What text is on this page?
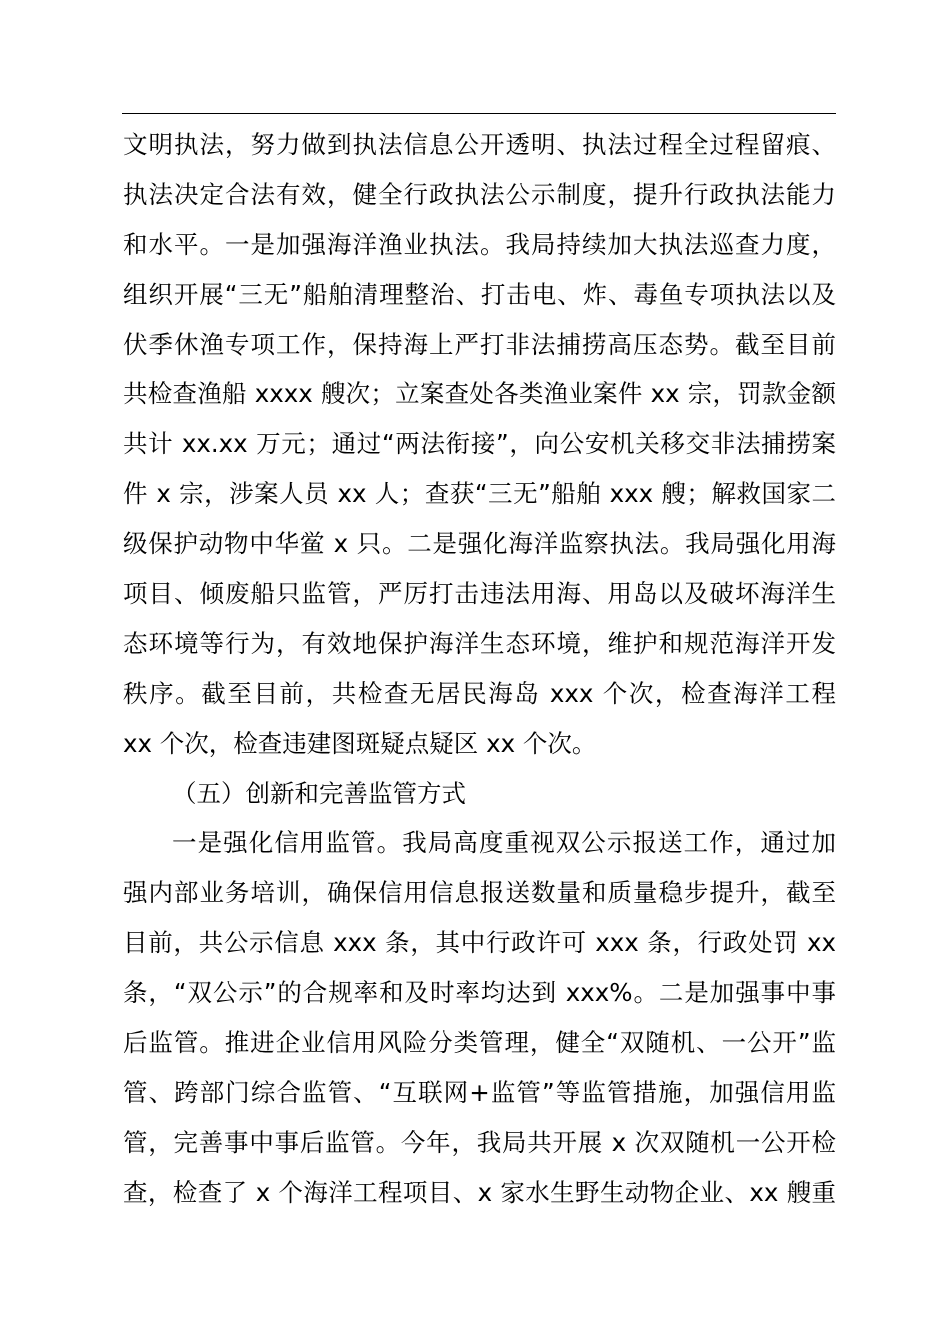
文明执法，努力做到执法信息公开透明、执法过程全过程留痕、
执法决定合法有效，健全行政执法公示制度，提升行政执法能力
和水平。一是加强海洋渔业执法。我局持续加大执法巡查力度，
组织开展“三无”船舶清理整治、打击电、炸、毒鱼专项执法以及
伏季休渔专项工作，保持海上严打非法捕捞高压态势。截至目前
共检查渔船 xxxx 艘次；立案查处各类渔业案件 xx 宗，罚款金额
共计 xx.xx 万元；通过“两法衔接”，向公安机关移交非法捕捞案
件 x 宗，涉案人员 xx 人；查获“三无”船舶 xxx 艘；解救国家二
级保护动物中华鲎 x 只。二是强化海洋监察执法。我局强化用海
项目、倾废船只监管，严厉打击违法用海、用岛以及破坏海洋生
态环境等行为，有效地保护海洋生态环境，维护和规范海洋开发
秩序。截至目前，共检查无居民海岛 xxx 个次，检查海洋工程
xx 个次，检查违建图斑疑点疑区 xx 个次。
（五）创新和完善监管方式
一是强化信用监管。我局高度重视双公示报送工作，通过加
强内部业务培训，确保信用信息报送数量和质量稳步提升，截至
目前，共公示信息 xxx 条，其中行政许可 xxx 条，行政处罚 xx
条，“双公示”的合规率和及时率均达到 xxx%。二是加强事中事
后监管。推进企业信用风险分类管理，健全“双随机、一公开”监
管、跨部门综合监管、“互联网+监管”等监管措施，加强信用监
管，完善事中事后监管。今年，我局共开展 x 次双随机一公开检
查，检查了 x 个海洋工程项目、x 家水生野生动物企业、xx 艘重
